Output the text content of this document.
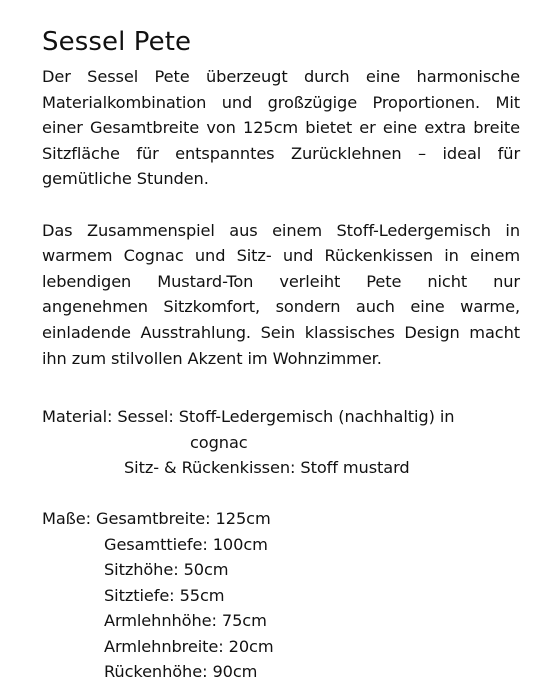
Sessel Pete

Der Sessel Pete überzeugt durch eine harmonische Materialkombination und großzügige Proportionen. Mit einer Gesamtbreite von 125cm bietet er eine extra breite Sitzfläche für entspanntes Zurücklehnen – ideal für gemütliche Stunden.

Das Zusammenspiel aus einem Stoff-Ledergemisch in warmem Cognac und Sitz- und Rückenkissen in einem lebendigen Mustard-Ton verleiht Pete nicht nur angenehmen Sitzkomfort, sondern auch eine warme, einladende Ausstrahlung. Sein klassisches Design macht ihn zum stilvollen Akzent im Wohnzimmer.

Material: Sessel: Stoff-Ledergemisch (nachhaltig) in
cognac
Sitz- & Rückenkissen: Stoff mustard
Maße: Gesamtbreite: 125cm
Gesamttiefe: 100cm
Sitzhöhe: 50cm
Sitztiefe: 55cm
Armlehnhöhe: 75cm
Armlehnbreite: 20cm
Rückenhöhe: 90cm
